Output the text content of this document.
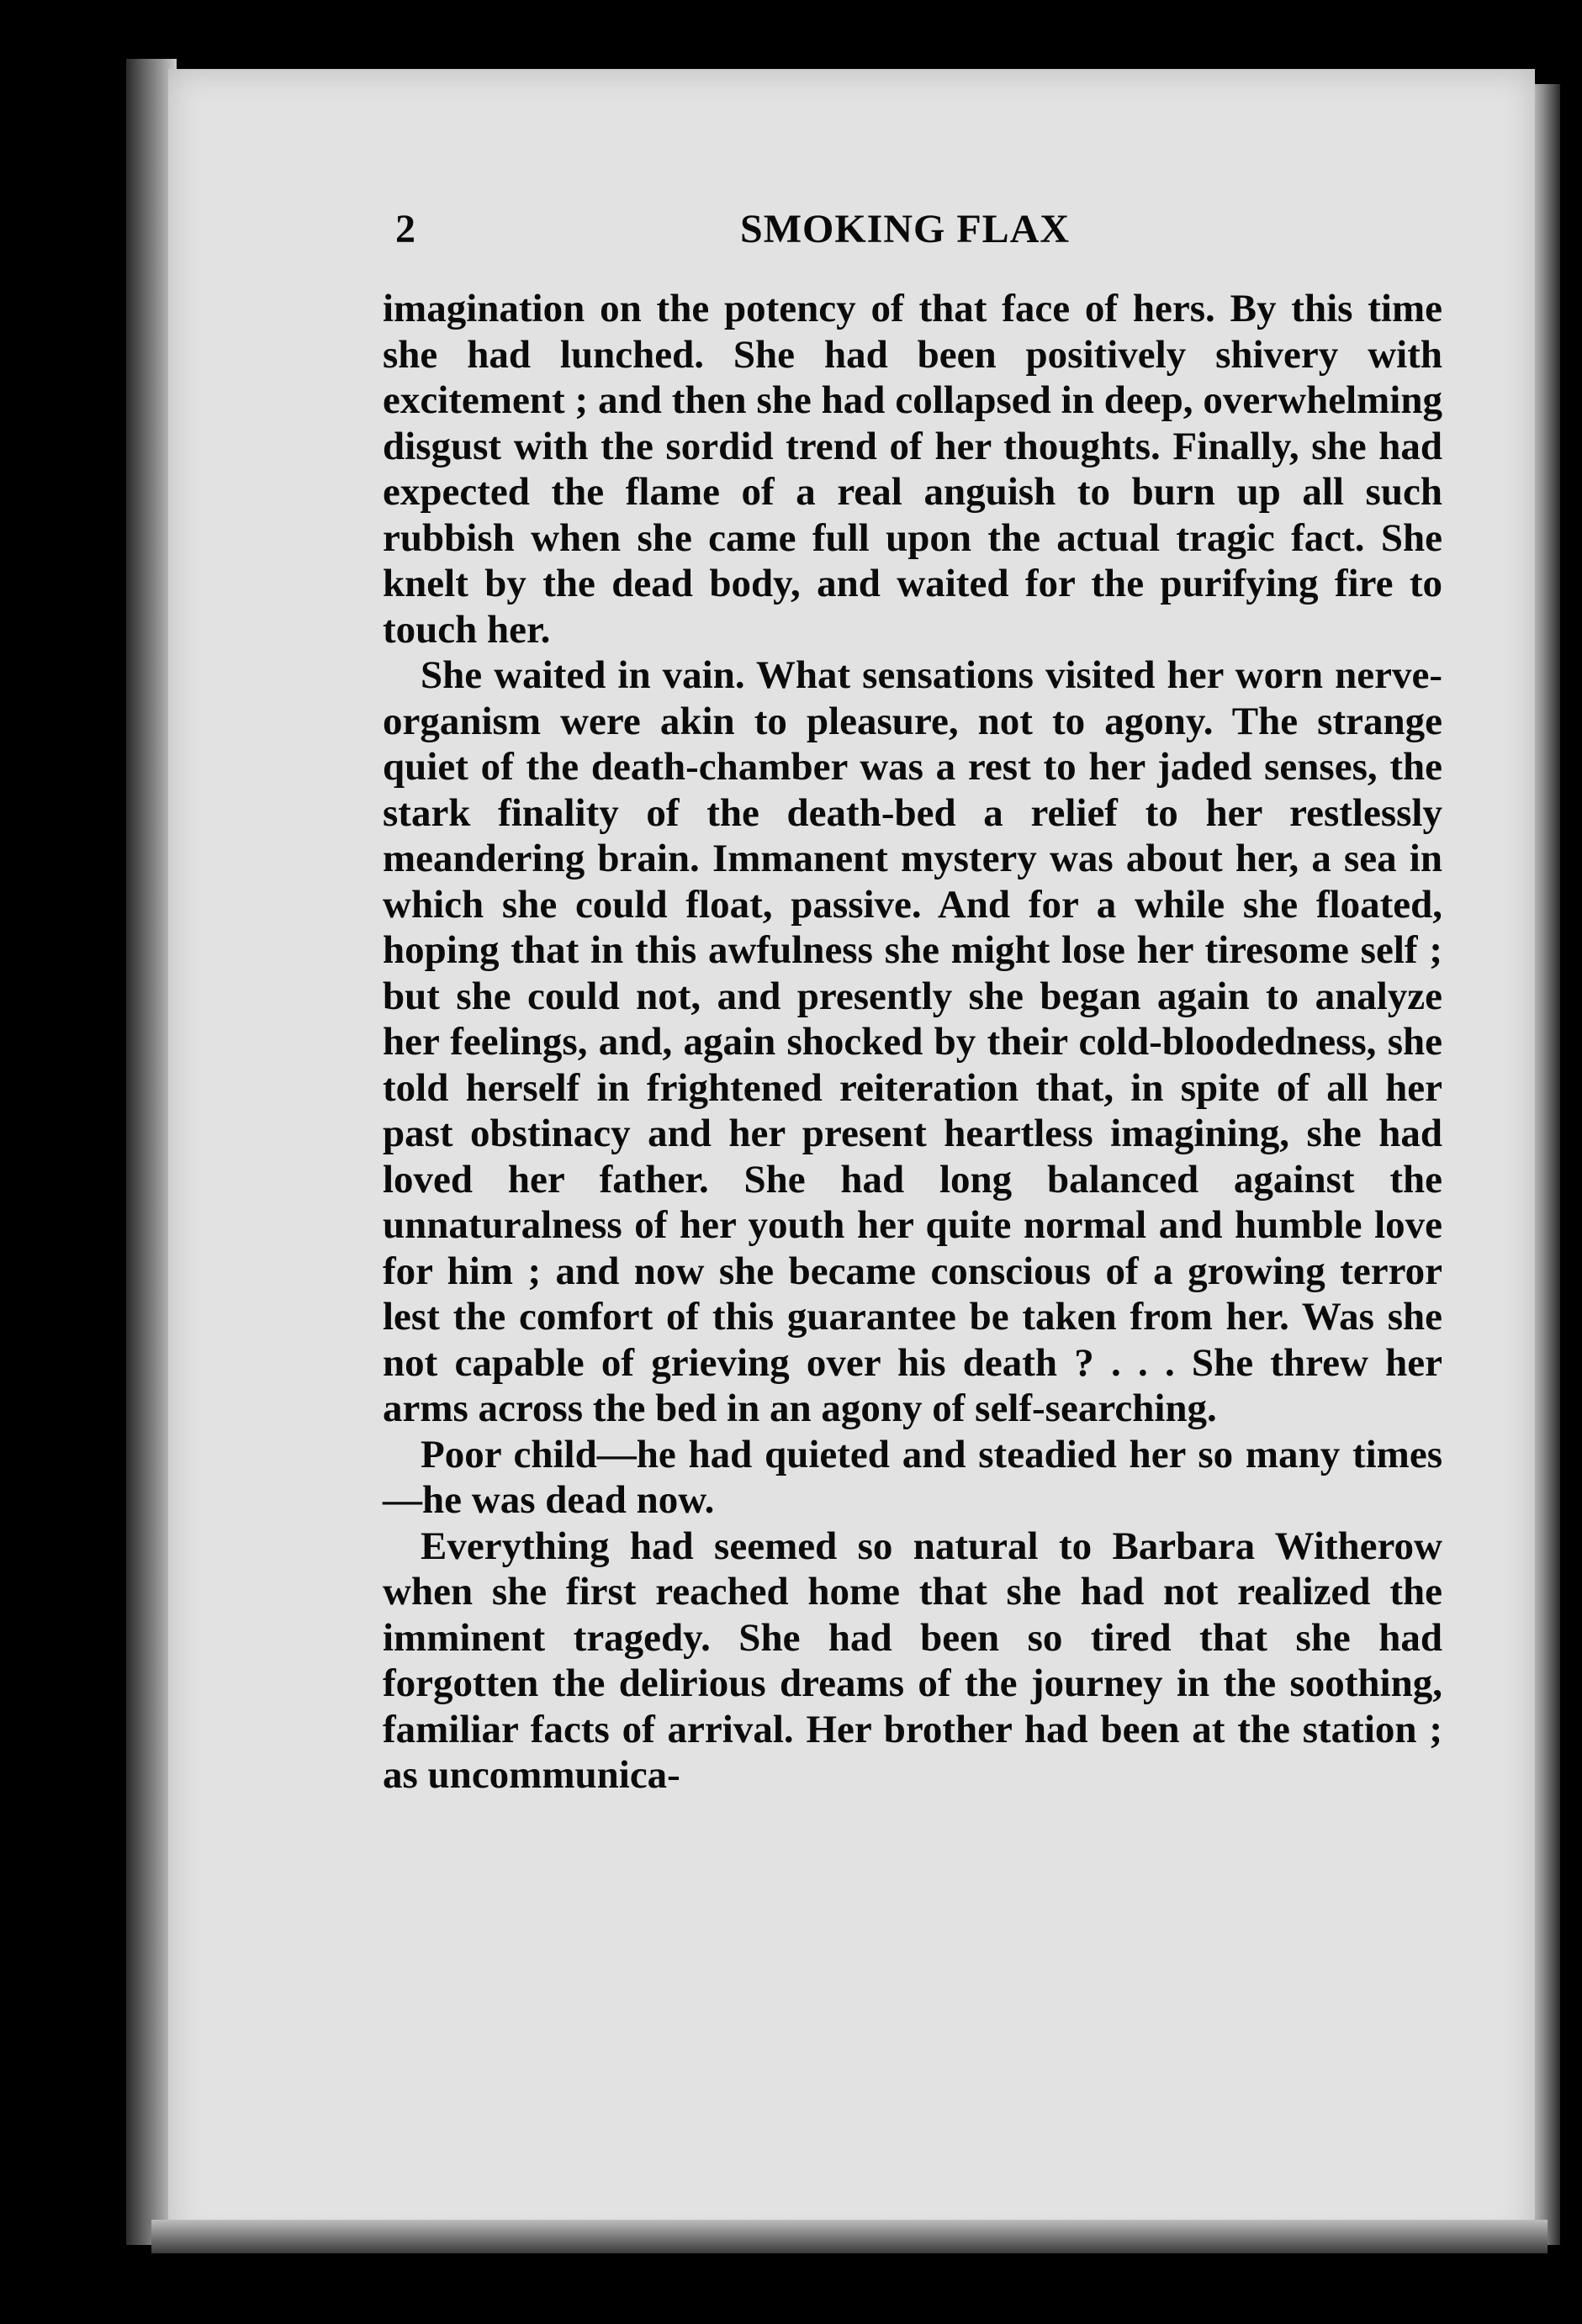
2	SMOKING FLAX

imagination on the potency of that face of hers. By this time she had lunched. She had been positively shivery with excitement ; and then she had collapsed in deep, overwhelming disgust with the sordid trend of her thoughts. Finally, she had expected the flame of a real anguish to burn up all such rubbish when she came full upon the actual tragic fact. She knelt by the dead body, and waited for the purifying fire to touch her.

She waited in vain. What sensations visited her worn nerve-organism were akin to pleasure, not to agony. The strange quiet of the death-chamber was a rest to her jaded senses, the stark finality of the death-bed a relief to her restlessly meandering brain. Immanent mystery was about her, a sea in which she could float, passive. And for a while she floated, hoping that in this awfulness she might lose her tiresome self ; but she could not, and presently she began again to analyze her feelings, and, again shocked by their cold-bloodedness, she told herself in frightened reiteration that, in spite of all her past obstinacy and her present heartless imagining, she had loved her father. She had long balanced against the unnaturalness of her youth her quite normal and humble love for him ; and now she became conscious of a growing terror lest the comfort of this guarantee be taken from her. Was she not capable of grieving over his death ? . . . She threw her arms across the bed in an agony of self-searching.

Poor child—he had quieted and steadied her so many times—he was dead now.

Everything had seemed so natural to Barbara Witherow when she first reached home that she had not realized the imminent tragedy. She had been so tired that she had forgotten the delirious dreams of the journey in the soothing, familiar facts of arrival. Her brother had been at the station ; as uncommunica-
